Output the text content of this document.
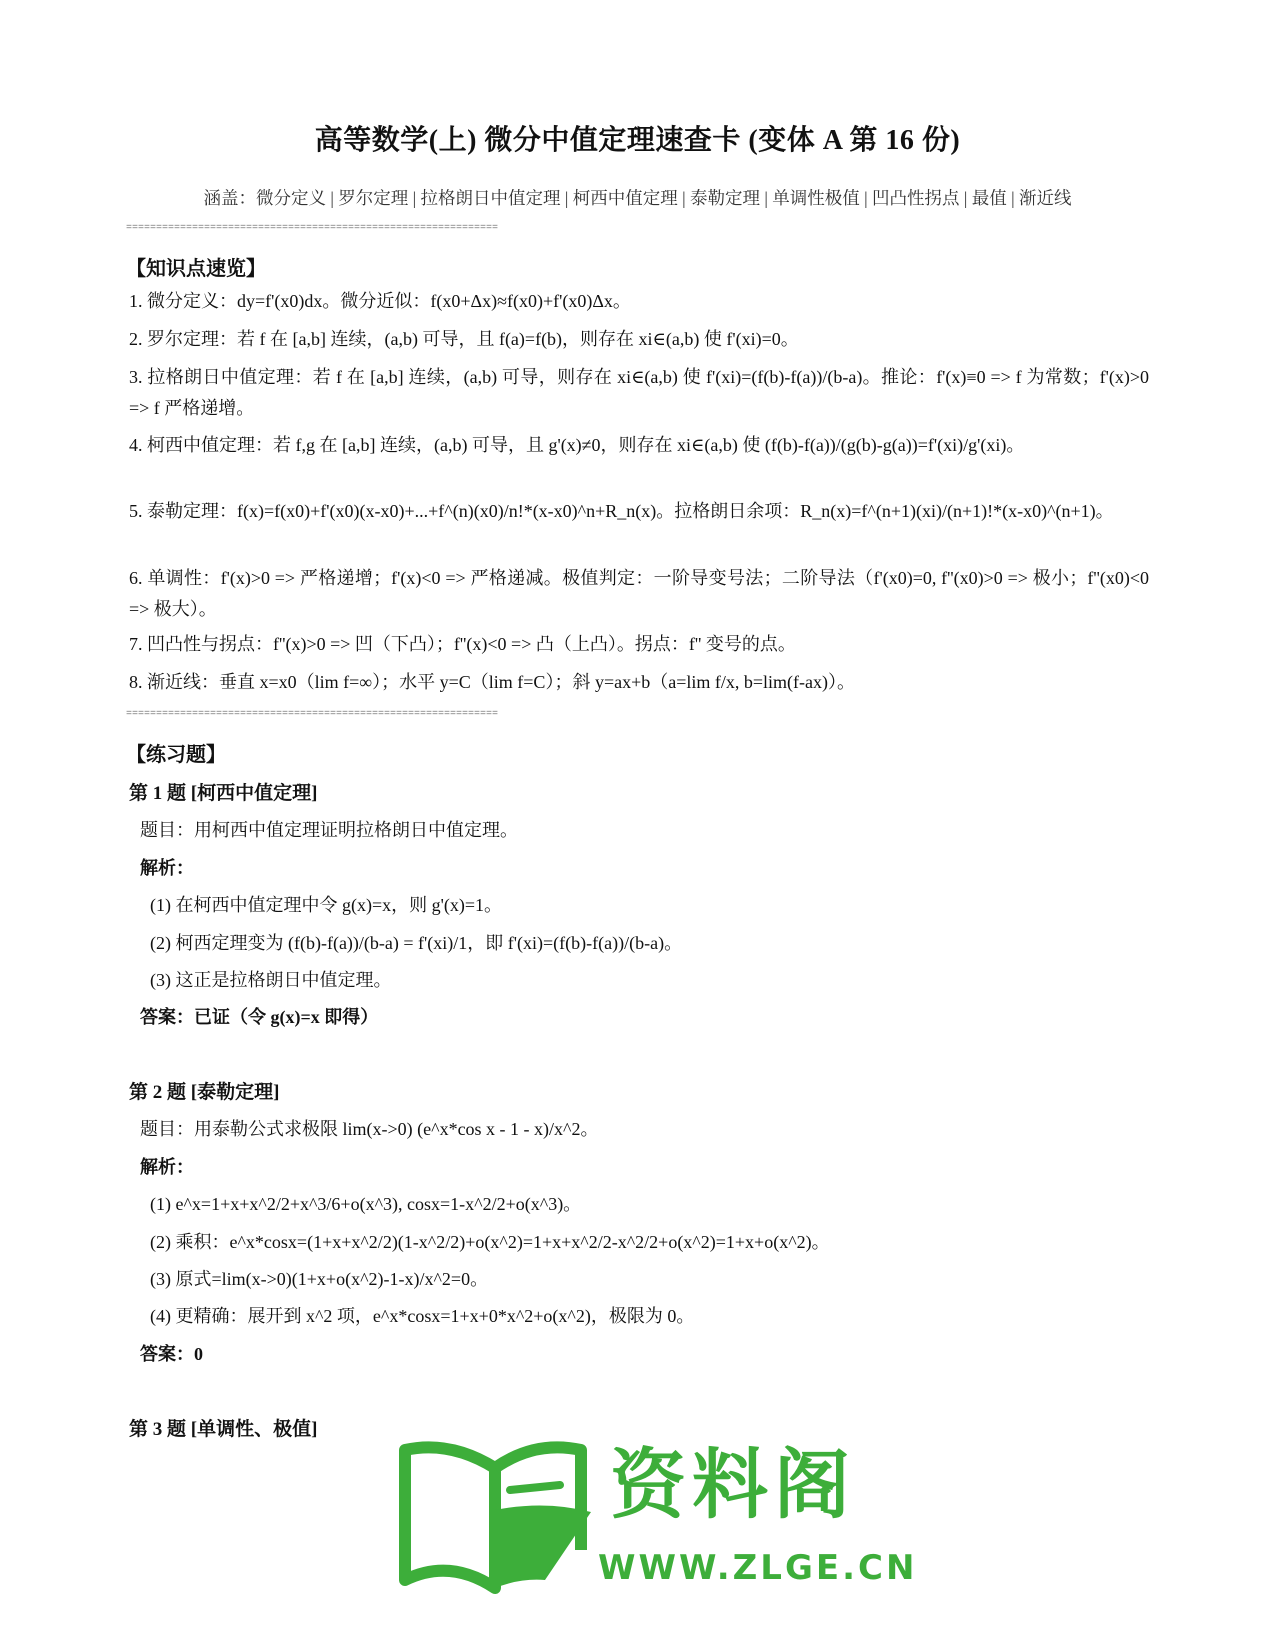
高等数学(上) 微分中值定理速查卡 (变体 A 第 16 份)
涵盖：微分定义 | 罗尔定理 | 拉格朗日中值定理 | 柯西中值定理 | 泰勒定理 | 单调性极值 | 凹凸性拐点 | 最值 | 渐近线
==============================================================
【知识点速览】
1. 微分定义：dy=f'(x0)dx。微分近似：f(x0+Δx)≈f(x0)+f'(x0)Δx。
2. 罗尔定理：若 f 在 [a,b] 连续，(a,b) 可导，且 f(a)=f(b)，则存在 xi∈(a,b) 使 f'(xi)=0。
3. 拉格朗日中值定理：若 f 在 [a,b] 连续，(a,b) 可导，则存在 xi∈(a,b) 使 f'(xi)=(f(b)-f(a))/(b-a)。推论：f'(x)≡0 => f 为常数；f'(x)>0 => f 严格递增。
4. 柯西中值定理：若 f,g 在 [a,b] 连续，(a,b) 可导，且 g'(x)≠0，则存在 xi∈(a,b) 使 (f(b)-f(a))/(g(b)-g(a))=f'(xi)/g'(xi)。
5. 泰勒定理：f(x)=f(x0)+f'(x0)(x-x0)+...+f^(n)(x0)/n!*(x-x0)^n+R_n(x)。拉格朗日余项：R_n(x)=f^(n+1)(xi)/(n+1)!*(x-x0)^(n+1)。
6. 单调性：f'(x)>0 => 严格递增；f'(x)<0 => 严格递减。极值判定：一阶导变号法；二阶导法（f'(x0)=0, f''(x0)>0 => 极小；f''(x0)<0 => 极大）。
7. 凹凸性与拐点：f''(x)>0 => 凹（下凸）；f''(x)<0 => 凸（上凸）。拐点：f'' 变号的点。
8. 渐近线：垂直 x=x0（lim f=∞）；水平 y=C（lim f=C）；斜 y=ax+b（a=lim f/x, b=lim(f-ax)）。
==============================================================
【练习题】
第 1 题 [柯西中值定理]
题目：用柯西中值定理证明拉格朗日中值定理。
解析：
(1) 在柯西中值定理中令 g(x)=x，则 g'(x)=1。
(2) 柯西定理变为 (f(b)-f(a))/(b-a) = f'(xi)/1，即 f'(xi)=(f(b)-f(a))/(b-a)。
(3) 这正是拉格朗日中值定理。
答案：已证（令 g(x)=x 即得）
第 2 题 [泰勒定理]
题目：用泰勒公式求极限 lim(x->0) (e^x*cos x - 1 - x)/x^2。
解析：
(1) e^x=1+x+x^2/2+x^3/6+o(x^3), cosx=1-x^2/2+o(x^3)。
(2) 乘积：e^x*cosx=(1+x+x^2/2)(1-x^2/2)+o(x^2)=1+x+x^2/2-x^2/2+o(x^2)=1+x+o(x^2)。
(3) 原式=lim(x->0)(1+x+o(x^2)-1-x)/x^2=0。
(4) 更精确：展开到 x^2 项，e^x*cosx=1+x+0*x^2+o(x^2)，极限为 0。
答案：0
第 3 题 [单调性、极值]
资料阁
WWW.ZLGE.CN
